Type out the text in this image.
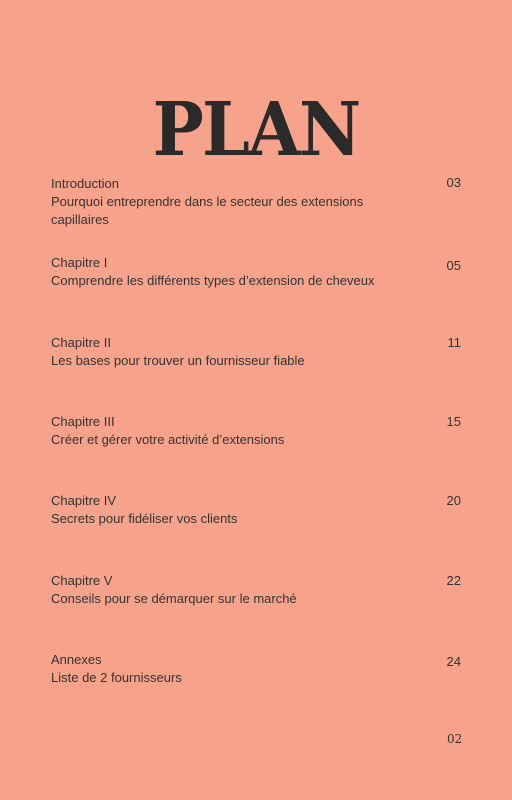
PLAN
Introduction
Pourquoi entreprendre dans le secteur des extensions capillaires
03
Chapitre I
Comprendre les différents types d’extension de cheveux
05
Chapitre II
Les bases pour trouver un fournisseur fiable
11
Chapitre III
Créer et gérer votre activité d’extensions
15
Chapitre IV
Secrets pour fidéliser vos clients
20
Chapitre V
Conseils pour se démarquer sur le marché
22
Annexes
Liste de 2 fournisseurs
24
02
